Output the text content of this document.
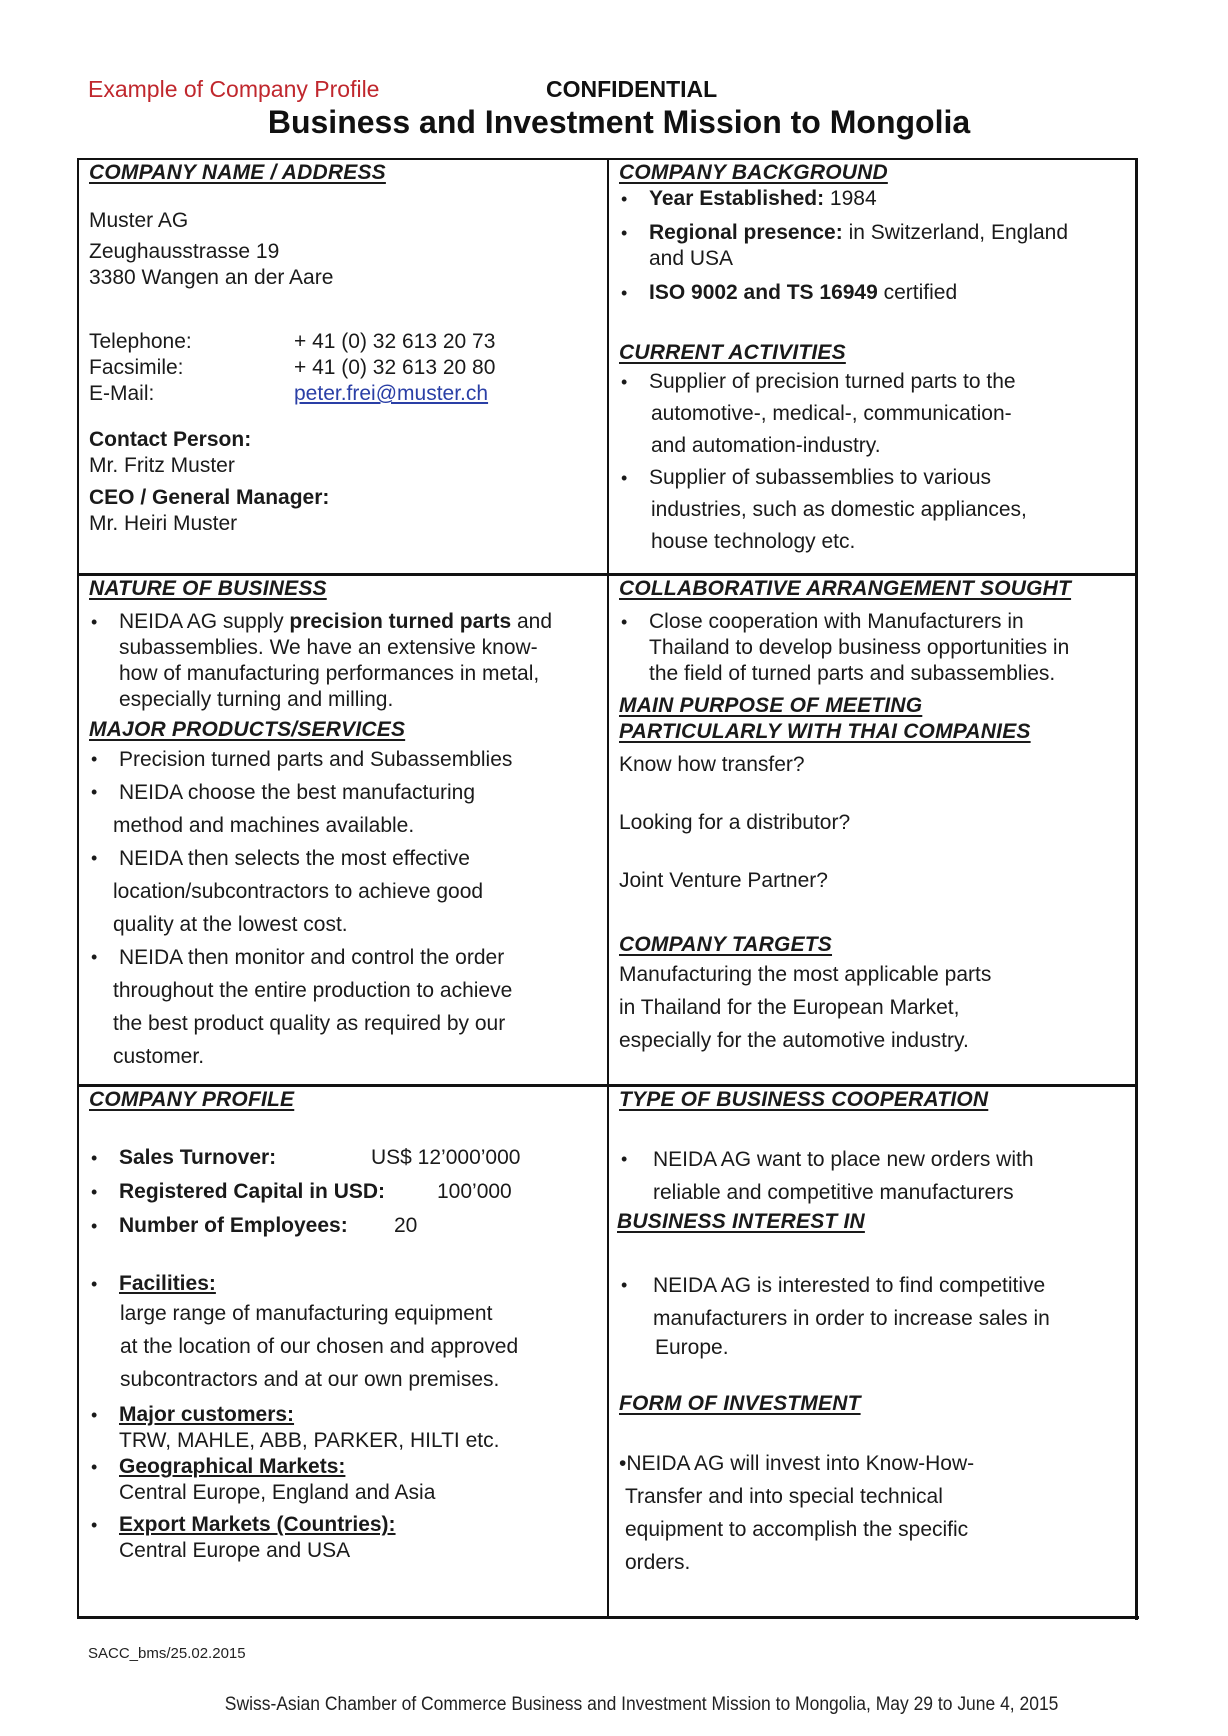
Example of Company Profile	CONFIDENTIAL
Business and Investment Mission to Mongolia
COMPANY NAME / ADDRESS
Muster AG
Zeughausstrasse 19
3380 Wangen an der Aare
Telephone:	+ 41 (0) 32 613 20 73
Facsimile:	+ 41 (0) 32 613 20 80
E-Mail:	peter.frei@muster.ch
Contact Person:
Mr. Fritz Muster
CEO / General Manager:
Mr. Heiri Muster
COMPANY BACKGROUND
• Year Established: 1984
• Regional presence: in Switzerland, England
and USA
• ISO 9002 and TS 16949 certified
CURRENT ACTIVITIES
• Supplier of precision turned parts to the
automotive-, medical-, communication-
and automation-industry.
• Supplier of subassemblies to various
industries, such as domestic appliances,
house technology etc.
NATURE OF BUSINESS
• NEIDA AG supply precision turned parts and
subassemblies. We have an extensive know-
how of manufacturing performances in metal,
especially turning and milling.
MAJOR PRODUCTS/SERVICES
• Precision turned parts and Subassemblies
• NEIDA choose the best manufacturing
method and machines available.
• NEIDA then selects the most effective
location/subcontractors to achieve good
quality at the lowest cost.
• NEIDA then monitor and control the order
throughout the entire production to achieve
the best product quality as required by our
customer.
COLLABORATIVE ARRANGEMENT SOUGHT
• Close cooperation with Manufacturers in
Thailand to develop business opportunities in
the field of turned parts and subassemblies.
MAIN PURPOSE OF MEETING
PARTICULARLY WITH THAI COMPANIES
Know how transfer?
Looking for a distributor?
Joint Venture Partner?
COMPANY TARGETS
Manufacturing the most applicable parts
in Thailand for the European Market,
especially for the automotive industry.
COMPANY PROFILE
• Sales Turnover:	US$ 12’000’000
• Registered Capital in USD: 100’000
• Number of Employees: 20
• Facilities:
large range of manufacturing equipment
at the location of our chosen and approved
subcontractors and at our own premises.
• Major customers:
TRW, MAHLE, ABB, PARKER, HILTI etc.
• Geographical Markets:
Central Europe, England and Asia
• Export Markets (Countries):
Central Europe and USA
TYPE OF BUSINESS COOPERATION
• NEIDA AG want to place new orders with
reliable and competitive manufacturers
BUSINESS INTEREST IN
• NEIDA AG is interested to find competitive
manufacturers in order to increase sales in
Europe.
FORM OF INVESTMENT
•NEIDA AG will invest into Know-How-
Transfer and into special technical
equipment to accomplish the specific
orders.
SACC_bms/25.02.2015
Swiss-Asian Chamber of Commerce Business and Investment Mission to Mongolia, May 29 to June 4, 2015
